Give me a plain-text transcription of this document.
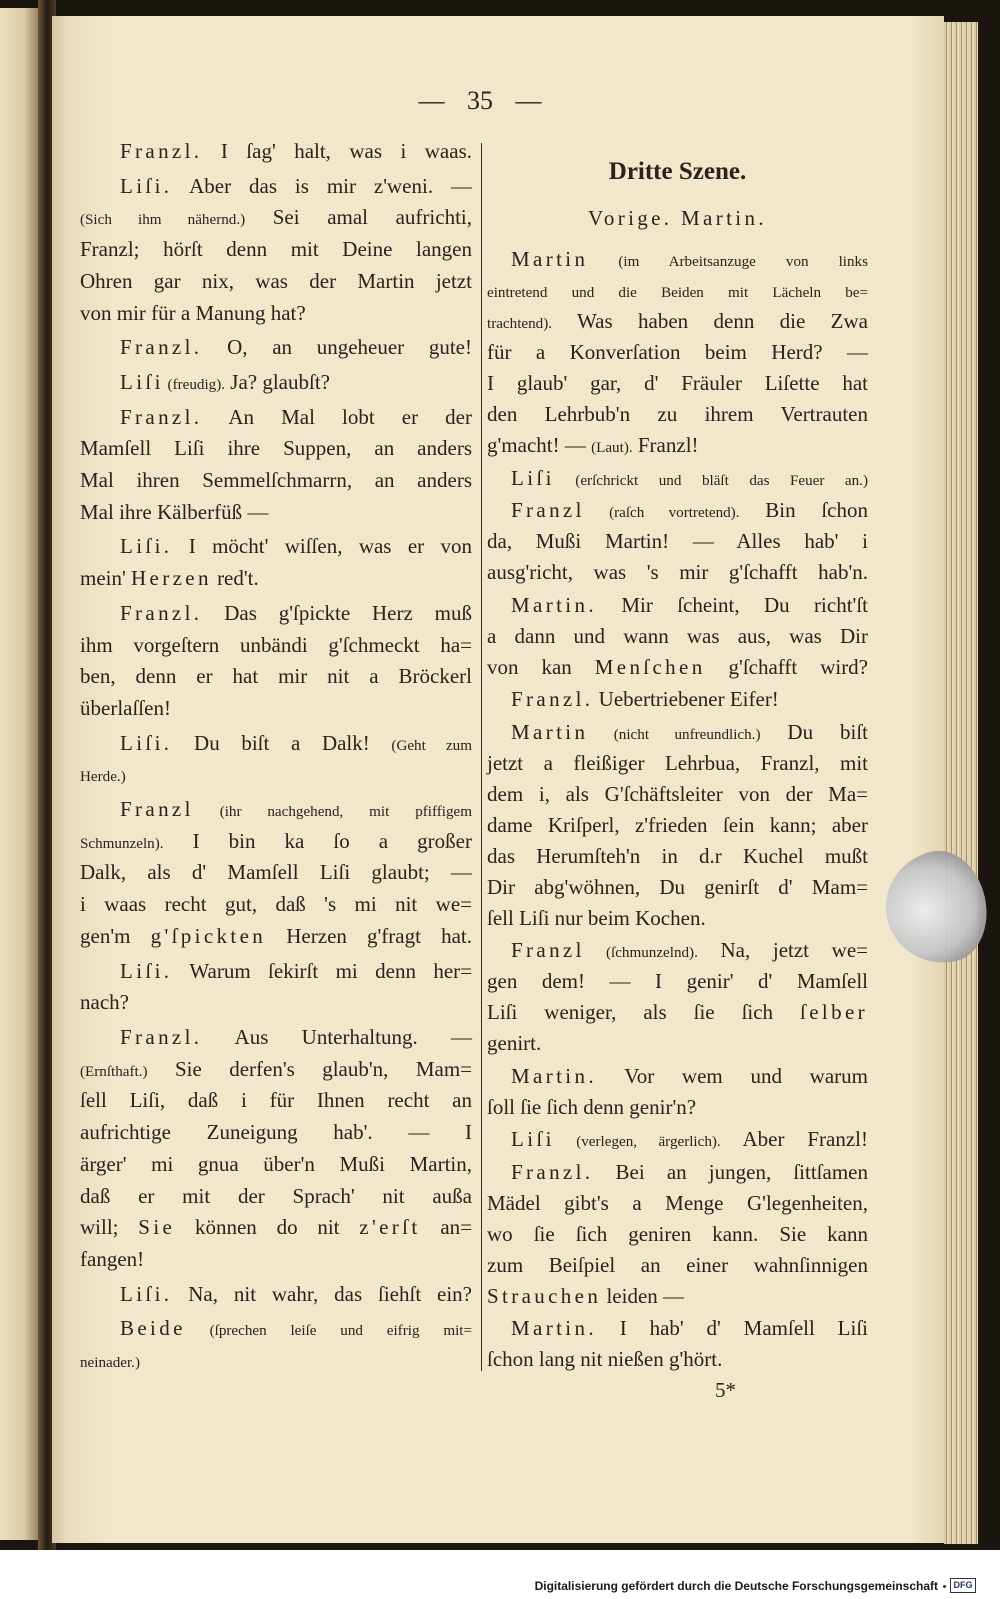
— 35 —
Franzl. I ſag' halt, was i waas.
Liſi. Aber das is mir z'weni. —
(Sich ihm nähernd.) Sei amal aufrichti,
Franzl; hörſt denn mit Deine langen
Ohren gar nix, was der Martin jetzt
von mir für a Manung hat?
Franzl. O, an ungeheuer gute!
Liſi (freudig). Ja? glaubſt?
Franzl. An Mal lobt er der
Mamſell Liſi ihre Suppen, an anders
Mal ihren Semmelſchmarrn, an anders
Mal ihre Kälberfüß —
Liſi. I möcht' wiſſen, was er von
mein' Herzen red't.
Franzl. Das g'ſpickte Herz muß
ihm vorgeſtern unbändi g'ſchmeckt ha=
ben, denn er hat mir nit a Bröckerl
überlaſſen!
Liſi. Du biſt a Dalk! (Geht zum
Herde.)
Franzl (ihr nachgehend, mit pfiffigem
Schmunzeln). I bin ka ſo a großer
Dalk, als d' Mamſell Liſi glaubt; —
i waas recht gut, daß 's mi nit we=
gen'm g'ſpickten Herzen g'fragt hat.
Liſi. Warum ſekirſt mi denn her=
nach?
Franzl. Aus Unterhaltung. —
(Ernſthaft.) Sie derfen's glaub'n, Mam=
ſell Liſi, daß i für Ihnen recht an
aufrichtige Zuneigung hab'. — I
ärger' mi gnua über'n Mußi Martin,
daß er mit der Sprach' nit außa
will; Sie können do nit z'erſt an=
fangen!
Liſi. Na, nit wahr, das ſiehſt ein?
Beide (ſprechen leiſe und eifrig mit=
neinader.)
Dritte Szene.
Vorige. Martin.
Martin (im Arbeitsanzuge von links
eintretend und die Beiden mit Lächeln be=
trachtend). Was haben denn die Zwa
für a Konverſation beim Herd? —
I glaub' gar, d' Fräuler Liſette hat
den Lehrbub'n zu ihrem Vertrauten
g'macht! — (Laut). Franzl!
Liſi (erſchrickt und bläſt das Feuer an.)
Franzl (raſch vortretend). Bin ſchon
da, Mußi Martin! — Alles hab' i
ausg'richt, was 's mir g'ſchafft hab'n.
Martin. Mir ſcheint, Du richt'ſt
a dann und wann was aus, was Dir
von kan Menſchen g'ſchafft wird?
Franzl. Uebertriebener Eifer!
Martin (nicht unfreundlich.) Du biſt
jetzt a fleißiger Lehrbua, Franzl, mit
dem i, als G'ſchäftsleiter von der Ma=
dame Kriſperl, z'frieden ſein kann; aber
das Herumſteh'n in d.r Kuchel mußt
Dir abg'wöhnen, Du genirſt d' Mam=
ſell Liſi nur beim Kochen.
Franzl (ſchmunzelnd). Na, jetzt we=
gen dem! — I genir' d' Mamſell
Liſi weniger, als ſie ſich ſelber
genirt.
Martin. Vor wem und warum
ſoll ſie ſich denn genir'n?
Liſi (verlegen, ärgerlich). Aber Franzl!
Franzl. Bei an jungen, ſittſamen
Mädel gibt's a Menge G'legenheiten,
wo ſie ſich geniren kann. Sie kann
zum Beiſpiel an einer wahnſinnigen
Strauchen leiden —
Martin. I hab' d' Mamſell Liſi
ſchon lang nit nießen g'hört.
5*
Digitalisierung gefördert durch die Deutsche Forschungsgemeinschaft	DFG
